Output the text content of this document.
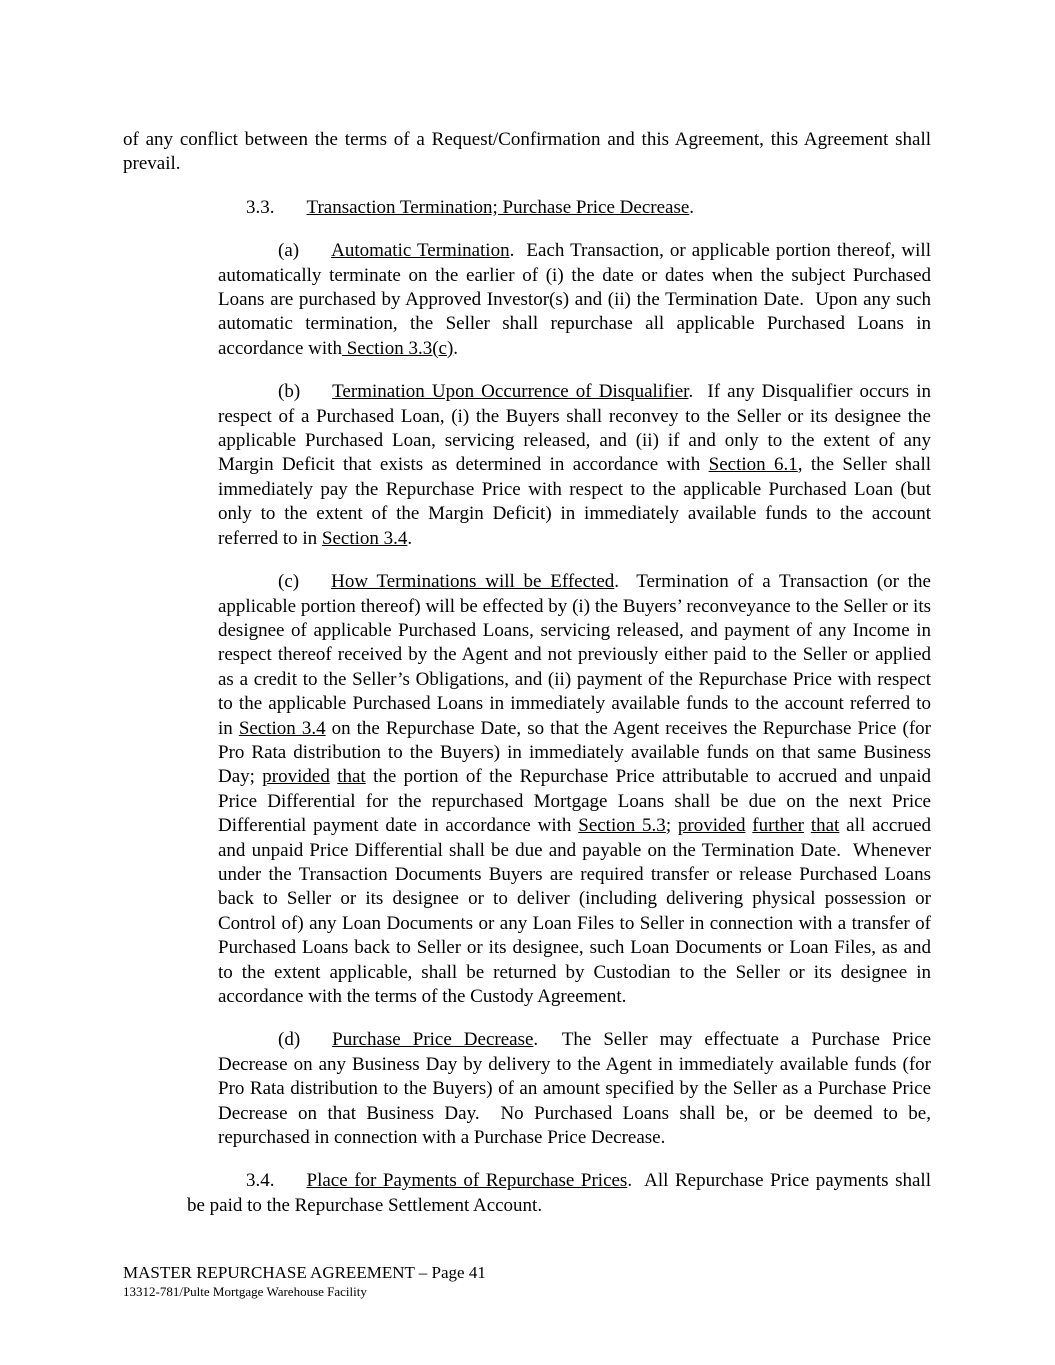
of any conflict between the terms of a Request/Confirmation and this Agreement, this Agreement shall prevail.

3.3. Transaction Termination; Purchase Price Decrease.

(a) Automatic Termination.  Each Transaction, or applicable portion thereof, will automatically terminate on the earlier of (i) the date or dates when the subject Purchased Loans are purchased by Approved Investor(s) and (ii) the Termination Date.  Upon any such automatic termination, the Seller shall repurchase all applicable Purchased Loans in accordance with Section 3.3(c).

(b) Termination Upon Occurrence of Disqualifier.  If any Disqualifier occurs in respect of a Purchased Loan, (i) the Buyers shall reconvey to the Seller or its designee the applicable Purchased Loan, servicing released, and (ii) if and only to the extent of any Margin Deficit that exists as determined in accordance with Section 6.1, the Seller shall immediately pay the Repurchase Price with respect to the applicable Purchased Loan (but only to the extent of the Margin Deficit) in immediately available funds to the account referred to in Section 3.4.

(c) How Terminations will be Effected.  Termination of a Transaction (or the applicable portion thereof) will be effected by (i) the Buyers’ reconveyance to the Seller or its designee of applicable Purchased Loans, servicing released, and payment of any Income in respect thereof received by the Agent and not previously either paid to the Seller or applied as a credit to the Seller’s Obligations, and (ii) payment of the Repurchase Price with respect to the applicable Purchased Loans in immediately available funds to the account referred to in Section 3.4 on the Repurchase Date, so that the Agent receives the Repurchase Price (for Pro Rata distribution to the Buyers) in immediately available funds on that same Business Day; provided that the portion of the Repurchase Price attributable to accrued and unpaid Price Differential for the repurchased Mortgage Loans shall be due on the next Price Differential payment date in accordance with Section 5.3; provided further that all accrued and unpaid Price Differential shall be due and payable on the Termination Date.  Whenever under the Transaction Documents Buyers are required transfer or release Purchased Loans back to Seller or its designee or to deliver (including delivering physical possession or Control of) any Loan Documents or any Loan Files to Seller in connection with a transfer of Purchased Loans back to Seller or its designee, such Loan Documents or Loan Files, as and to the extent applicable, shall be returned by Custodian to the Seller or its designee in accordance with the terms of the Custody Agreement.

(d) Purchase Price Decrease.  The Seller may effectuate a Purchase Price Decrease on any Business Day by delivery to the Agent in immediately available funds (for Pro Rata distribution to the Buyers) of an amount specified by the Seller as a Purchase Price Decrease on that Business Day.  No Purchased Loans shall be, or be deemed to be, repurchased in connection with a Purchase Price Decrease.

3.4. Place for Payments of Repurchase Prices.  All Repurchase Price payments shall be paid to the Repurchase Settlement Account.

MASTER REPURCHASE AGREEMENT – Page 41
13312-781/Pulte Mortgage Warehouse Facility
